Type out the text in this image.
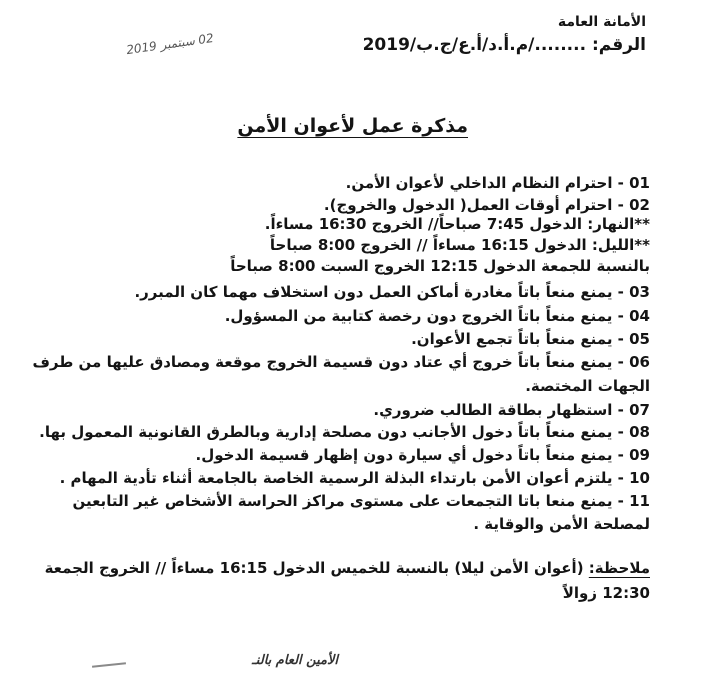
الأمانة العامة
الرقم: ......../م.أ.د/أ.ع/ج.ب/2019
02 سبتمبر 2019
مذكرة عمل لأعوان الأمن
01 - احترام النظام الداخلي لأعوان الأمن.
02 - احترام أوقات العمل( الدخول والخروج).
**النهار: الدخول 7:45 صباحاً// الخروج 16:30 مساءاً.
**الليل: الدخول 16:15 مساءاً // الخروج 8:00 صباحاً
بالنسبة للجمعة الدخول 12:15 الخروج السبت 8:00 صباحاً
03 - يمنع منعاً باتاً مغادرة أماكن العمل دون استخلاف مهما كان المبرر.
04 - يمنع منعاً باتاً الخروج دون رخصة كتابية من المسؤول.
05 - يمنع منعاً باتاً تجمع الأعوان.
06 - يمنع منعاً باتاً خروج أي عتاد دون قسيمة الخروج موقعة ومصادق عليها من طرف
الجهات المختصة.
07 - استظهار بطاقة الطالب ضروري.
08 - يمنع منعاً باتاً دخول الأجانب دون مصلحة إدارية وبالطرق القانونية المعمول بها.
09 - يمنع منعاً باتاً دخول أي سيارة دون إظهار قسيمة الدخول.
10 - يلتزم أعوان الأمن بارتداء البذلة الرسمية الخاصة بالجامعة أثناء تأدية المهام .
11 - يمنع منعا باتا التجمعات على مستوى مراكز الحراسة الأشخاص غير التابعين
لمصلحة الأمن والوقاية .
ملاحظة: (أعوان الأمن ليلا) بالنسبة للخميس الدخول 16:15 مساءاً // الخروج الجمعة
12:30 زوالاً
الأمين العام بالنـ
